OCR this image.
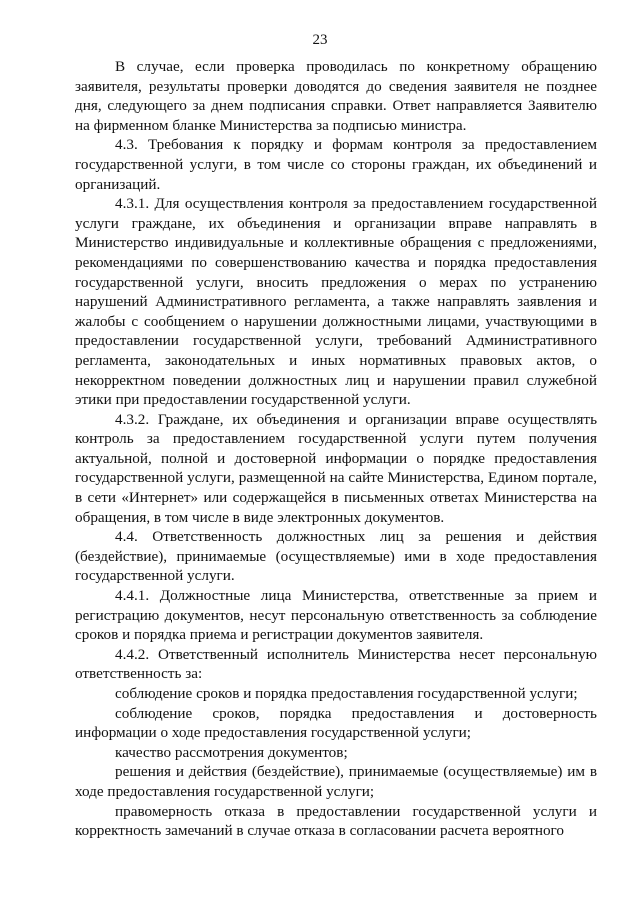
23

В случае, если проверка проводилась по конкретному обращению заявителя, результаты проверки доводятся до сведения заявителя не позднее дня, следующего за днем подписания справки. Ответ направляется Заявителю на фирменном бланке Министерства за подписью министра.

4.3. Требования к порядку и формам контроля за предоставлением государственной услуги, в том числе со стороны граждан, их объединений и организаций.

4.3.1. Для осуществления контроля за предоставлением государственной услуги граждане, их объединения и организации вправе направлять в Министерство индивидуальные и коллективные обращения с предложениями, рекомендациями по совершенствованию качества и порядка предоставления государственной услуги, вносить предложения о мерах по устранению нарушений Административного регламента, а также направлять заявления и жалобы с сообщением о нарушении должностными лицами, участвующими в предоставлении государственной услуги, требований Административного регламента, законодательных и иных нормативных правовых актов, о некорректном поведении должностных лиц и нарушении правил служебной этики при предоставлении государственной услуги.

4.3.2. Граждане, их объединения и организации вправе осуществлять контроль за предоставлением государственной услуги путем получения актуальной, полной и достоверной информации о порядке предоставления государственной услуги, размещенной на сайте Министерства, Едином портале, в сети «Интернет» или содержащейся в письменных ответах Министерства на обращения, в том числе в виде электронных документов.

4.4. Ответственность должностных лиц за решения и действия (бездействие), принимаемые (осуществляемые) ими в ходе предоставления государственной услуги.

4.4.1. Должностные лица Министерства, ответственные за прием и регистрацию документов, несут персональную ответственность за соблюдение сроков и порядка приема и регистрации документов заявителя.

4.4.2. Ответственный исполнитель Министерства несет персональную ответственность за:

соблюдение сроков и порядка предоставления государственной услуги;

соблюдение сроков, порядка предоставления и достоверность информации о ходе предоставления государственной услуги;

качество рассмотрения документов;

решения и действия (бездействие), принимаемые (осуществляемые) им в ходе предоставления государственной услуги;

правомерность отказа в предоставлении государственной услуги и корректность замечаний в случае отказа в согласовании расчета вероятного
